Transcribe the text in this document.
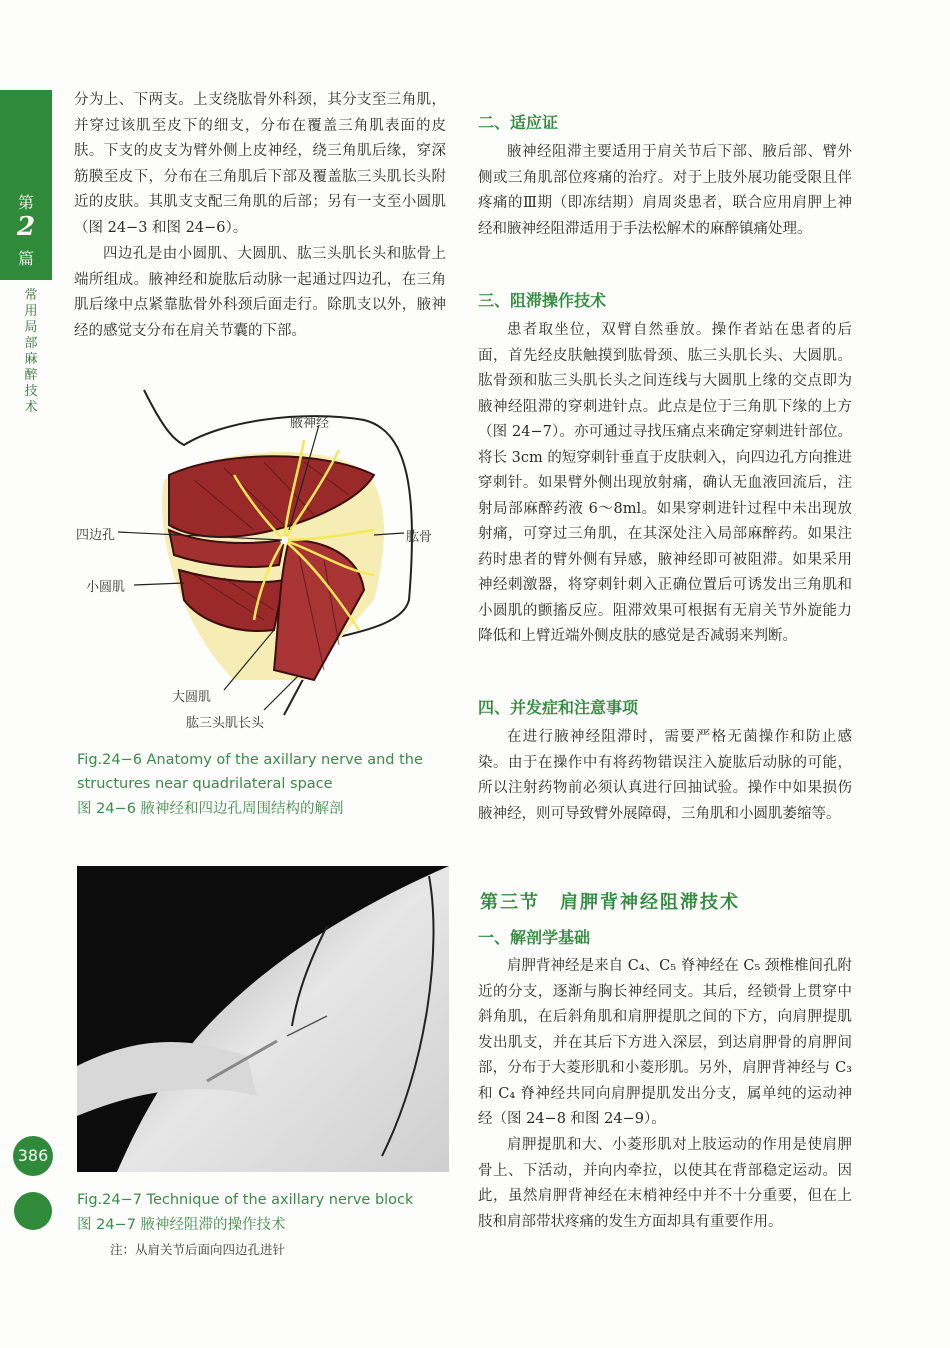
第
2
篇
常用局部麻醉技术
386

分为上、下两支。上支绕肱骨外科颈，其分支至三角肌，并穿过该肌至皮下的细支，分布在覆盖三角肌表面的皮肤。下支的皮支为臂外侧上皮神经，绕三角肌后缘，穿深筋膜至皮下，分布在三角肌后下部及覆盖肱三头肌长头附近的皮肤。其肌支支配三角肌的后部；另有一支至小圆肌（图 24−3 和图 24−6）。

四边孔是由小圆肌、大圆肌、肱三头肌长头和肱骨上端所组成。腋神经和旋肱后动脉一起通过四边孔，在三角肌后缘中点紧靠肱骨外科颈后面走行。除肌支以外，腋神经的感觉支分布在肩关节囊的下部。

腋神经
四边孔	肱骨
小圆肌
大圆肌
肱三头肌长头
Fig.24−6 Anatomy of the axillary nerve and the structures near quadrilateral space
图 24−6 腋神经和四边孔周围结构的解剖
Fig.24−7 Technique of the axillary nerve block
图 24−7 腋神经阻滞的操作技术
注：从肩关节后面向四边孔进针
二、适应证

腋神经阻滞主要适用于肩关节后下部、腋后部、臂外侧或三角肌部位疼痛的治疗。对于上肢外展功能受限且伴疼痛的Ⅲ期（即冻结期）肩周炎患者，联合应用肩胛上神经和腋神经阻滞适用于手法松解术的麻醉镇痛处理。

三、阻滞操作技术

患者取坐位，双臂自然垂放。操作者站在患者的后面，首先经皮肤触摸到肱骨颈、肱三头肌长头、大圆肌。肱骨颈和肱三头肌长头之间连线与大圆肌上缘的交点即为腋神经阻滞的穿刺进针点。此点是位于三角肌下缘的上方（图 24−7）。亦可通过寻找压痛点来确定穿刺进针部位。将长 3cm 的短穿刺针垂直于皮肤刺入，向四边孔方向推进穿刺针。如果臂外侧出现放射痛，确认无血液回流后，注射局部麻醉药液 6～8ml。如果穿刺进针过程中未出现放射痛，可穿过三角肌，在其深处注入局部麻醉药。如果注药时患者的臂外侧有异感，腋神经即可被阻滞。如果采用神经刺激器，将穿刺针刺入正确位置后可诱发出三角肌和小圆肌的颤搐反应。阻滞效果可根据有无肩关节外旋能力降低和上臂近端外侧皮肤的感觉是否减弱来判断。

四、并发症和注意事项

在进行腋神经阻滞时，需要严格无菌操作和防止感染。由于在操作中有将药物错误注入旋肱后动脉的可能，所以注射药物前必须认真进行回抽试验。操作中如果损伤腋神经，则可导致臂外展障碍，三角肌和小圆肌萎缩等。

第三节　肩胛背神经阻滞技术
一、解剖学基础

肩胛背神经是来自 C₄、C₅ 脊神经在 C₅ 颈椎椎间孔附近的分支，逐渐与胸长神经同支。其后，经锁骨上贯穿中斜角肌，在后斜角肌和肩胛提肌之间的下方，向肩胛提肌发出肌支，并在其后下方进入深层，到达肩胛骨的肩胛间部，分布于大菱形肌和小菱形肌。另外，肩胛背神经与 C₃ 和 C₄ 脊神经共同向肩胛提肌发出分支，属单纯的运动神经（图 24−8 和图 24−9）。

肩胛提肌和大、小菱形肌对上肢运动的作用是使肩胛骨上、下活动，并向内牵拉，以使其在背部稳定运动。因此，虽然肩胛背神经在末梢神经中并不十分重要，但在上肢和肩部带状疼痛的发生方面却具有重要作用。
